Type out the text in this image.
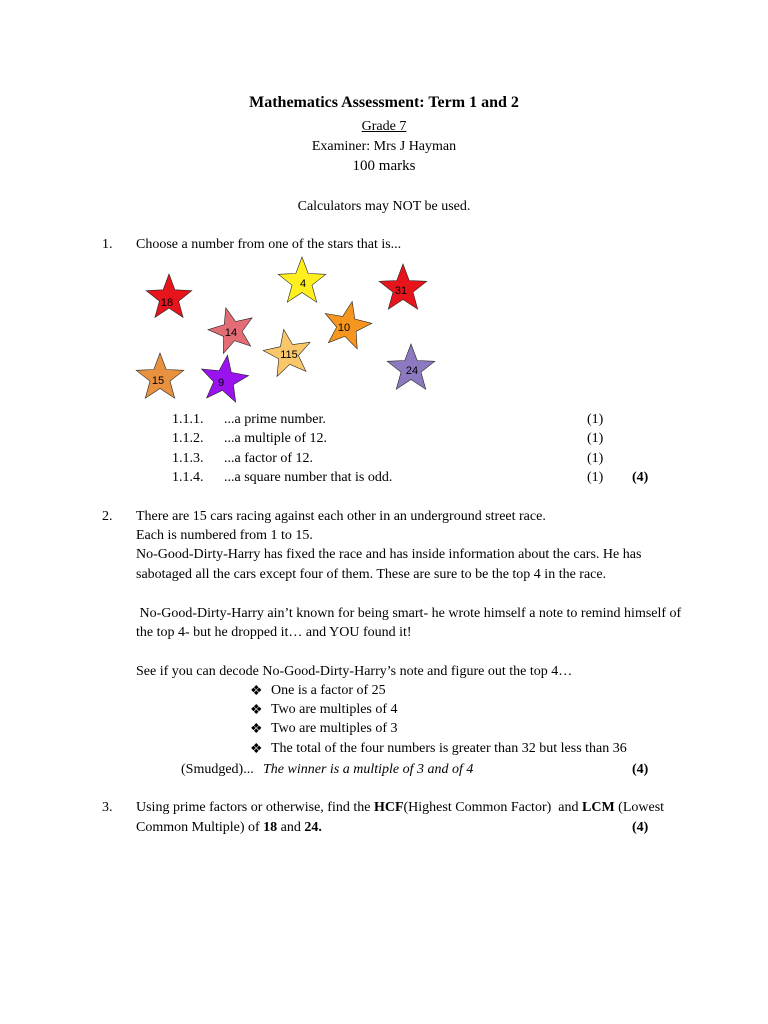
Mathematics Assessment: Term 1 and 2
Grade 7
Examiner: Mrs J Hayman
100 marks
Calculators may NOT be used.
1. Choose a number from one of the stars that is...
18
4
31
14	10
115
15	9
24
1.1.1. ...a prime number.	(1)
1.1.2. ...a multiple of 12.	(1)
1.1.3. ...a factor of 12.	(1)
1.1.4. ...a square number that is odd.	(1) (4)
2. There are 15 cars racing against each other in an underground street race.
Each is numbered from 1 to 15.
No-Good-Dirty-Harry has fixed the race and has inside information about the cars. He has
sabotaged all the cars except four of them. These are sure to be the top 4 in the race.
No-Good-Dirty-Harry ain’t known for being smart- he wrote himself a note to remind himself of
the top 4- but he dropped it… and YOU found it!
See if you can decode No-Good-Dirty-Harry’s note and figure out the top 4…
❖ One is a factor of 25
❖ Two are multiples of 4
❖ Two are multiples of 3
❖ The total of the four numbers is greater than 32 but less than 36
(Smudged)... The winner is a multiple of 3 and of 4	(4)
3. Using prime factors or otherwise, find the HCF(Highest Common Factor)  and LCM (Lowest
Common Multiple) of 18 and 24.	(4)
